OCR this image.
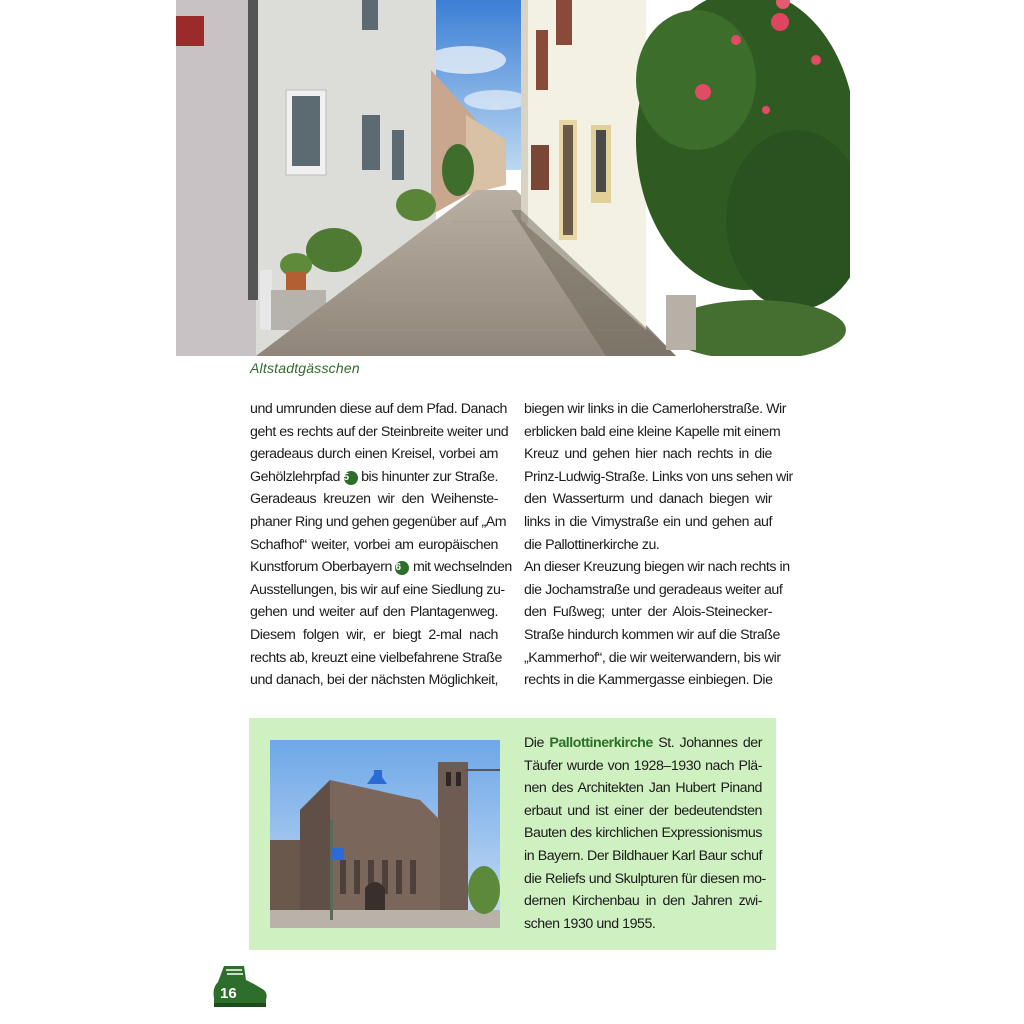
Altstadtgässchen
und umrunden diese auf dem Pfad. Danach
geht es rechts auf der Steinbreite weiter und
geradeaus durch einen Kreisel, vorbei am
Gehölzlehrpfad 5 bis hinunter zur Straße.
Geradeaus kreuzen wir den Weihenste-
phaner Ring und gehen gegenüber auf „Am
Schafhof“ weiter, vorbei am europäischen
Kunstforum Oberbayern 6 mit wechselnden
Ausstellungen, bis wir auf eine Siedlung zu-
gehen und weiter auf den Plantagenweg.
Diesem folgen wir, er biegt 2-mal nach
rechts ab, kreuzt eine vielbefahrene Straße
und danach, bei der nächsten Möglichkeit,
biegen wir links in die Camerloherstraße. Wir
erblicken bald eine kleine Kapelle mit einem
Kreuz und gehen hier nach rechts in die
Prinz-Ludwig-Straße. Links von uns sehen wir
den Wasserturm und danach biegen wir
links in die Vimystraße ein und gehen auf
die Pallottinerkirche zu.
An dieser Kreuzung biegen wir nach rechts in
die Jochamstraße und geradeaus weiter auf
den Fußweg; unter der Alois-Steinecker-
Straße hindurch kommen wir auf die Straße
„Kammerhof“, die wir weiterwandern, bis wir
rechts in die Kammergasse einbiegen. Die
Die Pallottinerkirche St. Johannes der
Täufer wurde von 1928–1930 nach Plä-
nen des Architekten Jan Hubert Pinand
erbaut und ist einer der bedeutendsten
Bauten des kirchlichen Expressionismus
in Bayern. Der Bildhauer Karl Baur schuf
die Reliefs und Skulpturen für diesen mo-
dernen Kirchenbau in den Jahren zwi-
schen 1930 und 1955.
16
